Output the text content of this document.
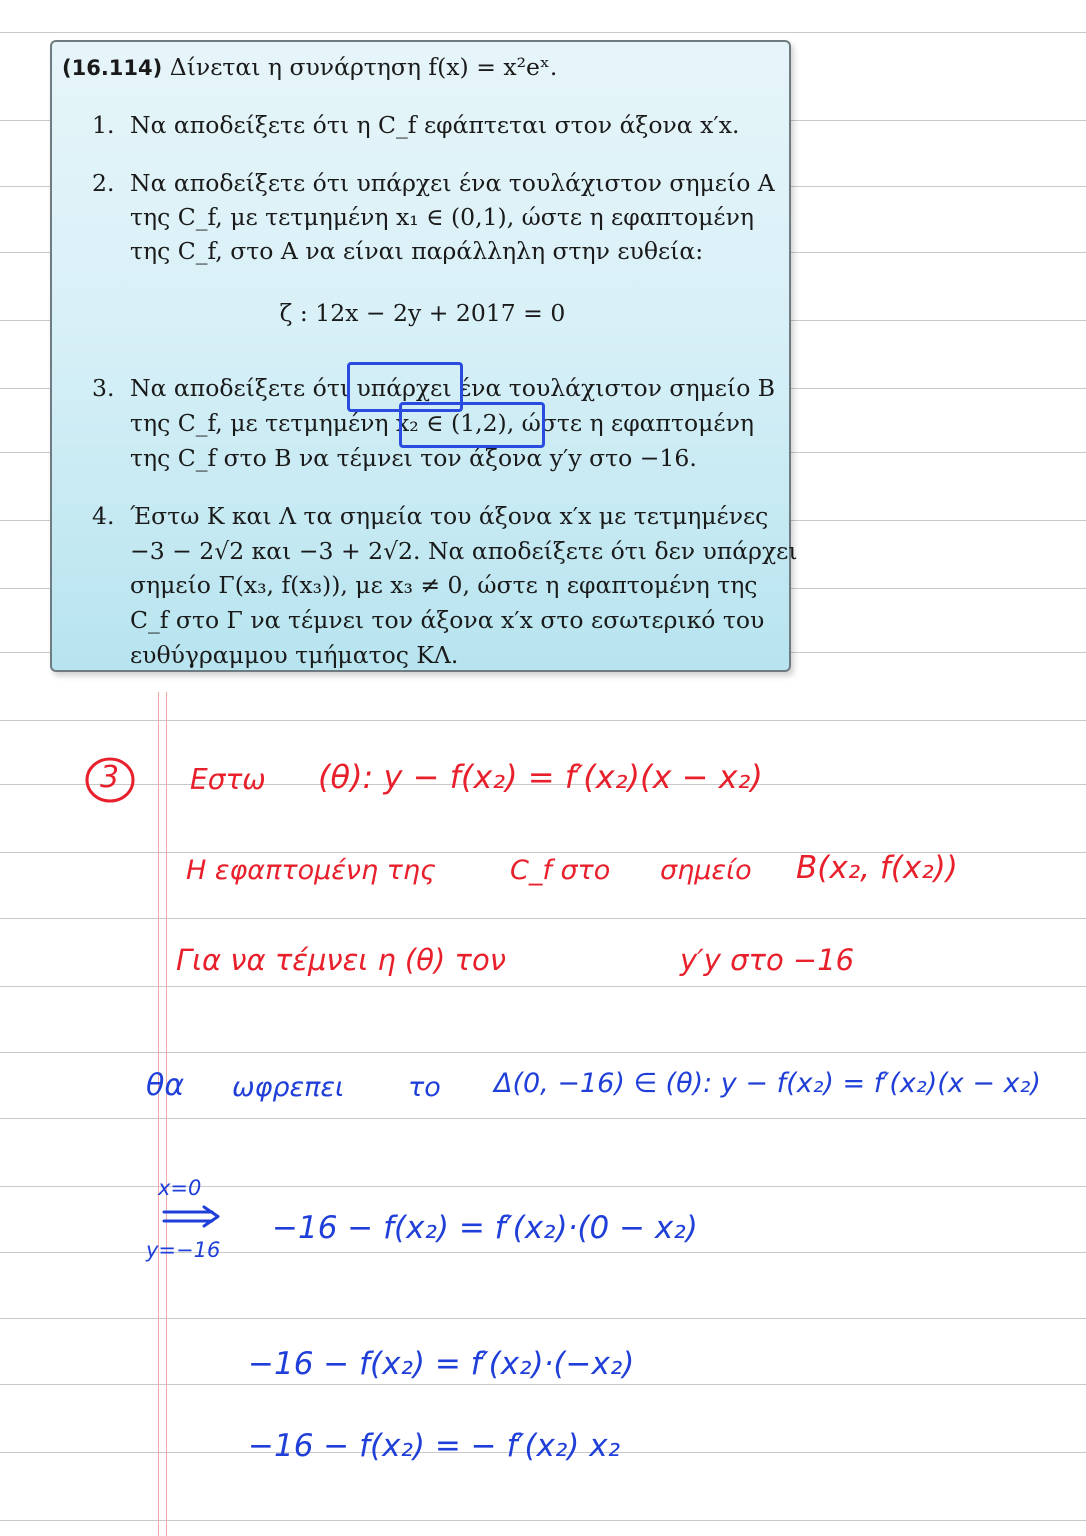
(16.114) Δίνεται η συνάρτηση f(x) = x²eˣ.
1. Να αποδείξετε ότι η C_f εφάπτεται στον άξονα x′x.
2. Να αποδείξετε ότι υπάρχει ένα τουλάχιστον σημείο A
της C_f, με τετμημένη x₁ ∈ (0,1), ώστε η εφαπτομένη
της C_f, στο A να είναι παράλληλη στην ευθεία:
ζ : 12x − 2y + 2017 = 0
3. Να αποδείξετε ότι υπάρχει ένα τουλάχιστον σημείο B
της C_f, με τετμημένη x₂ ∈ (1,2), ώστε η εφαπτομένη
της C_f στο B να τέμνει τον άξονα y′y στο −16.
4. Έστω K και Λ τα σημεία του άξονα x′x με τετμημένες
−3 − 2√2 και −3 + 2√2. Να αποδείξετε ότι δεν υπάρχει
σημείο Γ(x₃, f(x₃)), με x₃ ≠ 0, ώστε η εφαπτομένη της
C_f στο Γ να τέμνει τον άξονα x′x στο εσωτερικό του
ευθύγραμμου τμήματος KΛ.
3	Εστω (θ): y − f(x₂) = f′(x₂)(x − x₂)
Η εφαπτομένη της	C_f στο σημείο B(x₂, f(x₂))
Για να τέμνει η (θ) τον	y′y στο −16
θα ωφρεπει το Δ(0, −16) ∈ (θ): y − f(x₂) = f′(x₂)(x − x₂)
x=0
y=−16
−16 − f(x₂) = f′(x₂)·(0 − x₂)
−16 − f(x₂) = f′(x₂)·(−x₂)
−16 − f(x₂) = − f′(x₂) x₂
